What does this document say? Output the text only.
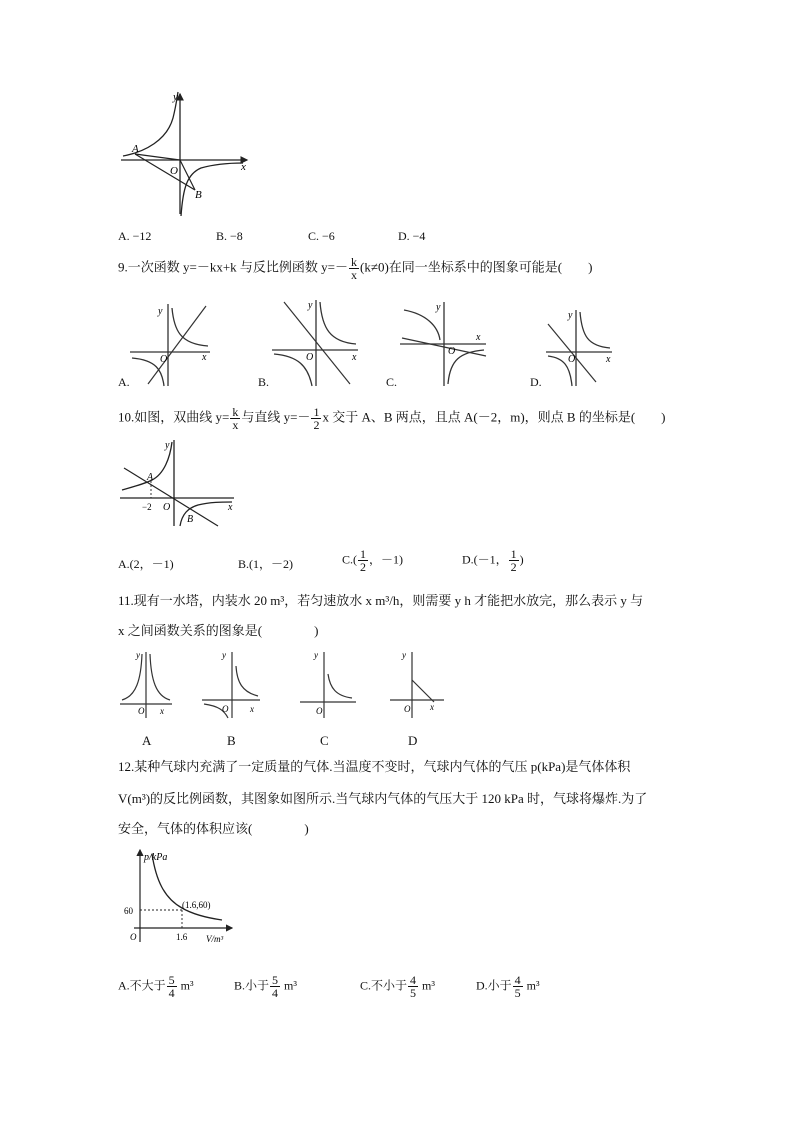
y
x
A
O
B
A. −12	B. −8	C. −6	D. −4
9.一次函数 y=－kx+k 与反比例函数 $y=- \frac{k}{x} (k\ne 0)$在同一坐标系中的图象可能是(　　)
y
x
O
y
x
O
y
x
O
y
x
O
A.	B.	C.	D.
10.如图，双曲线 $y= \frac{k}{x}$ 与直线 $y=- \frac{1}{2}$ x 交于 A、B 两点，且点 A(－2，m)，则点 B 的坐标是(　　)
y
x
A
O
B
−2
A.(2，－1)	B.(1，－2)	$C.( \frac{1}{2}$ ，－1)	D.(－1， $\frac{1}{2}$ )
11.现有一水塔，内装水 20 m³，若匀速放水 x m³/h，则需要 y h 才能把水放完，那么表示 y 与
x 之间函数关系的图象是(　　　　)
y
x
O
y
x
O
y
O
y
x
O
A	B	C	D
12.某种气球内充满了一定质量的气体.当温度不变时，气球内气体的气压 p(kPa)是气体体积
V(m³)的反比例函数，其图象如图所示.当气球内气体的气压大于 120 kPa 时，气球将爆炸.为了
安全，气体的体积应该(　　　　)
p/kPa
V/m³
(1.6,60)
60
1.6
O
A.不大于 $\frac{5}{4} m^3$	B.小于 $\frac{5}{4} m^3$	C.不小于 $\frac{4}{5} m^3$	D.小于 $\frac{4}{5} m^3$
